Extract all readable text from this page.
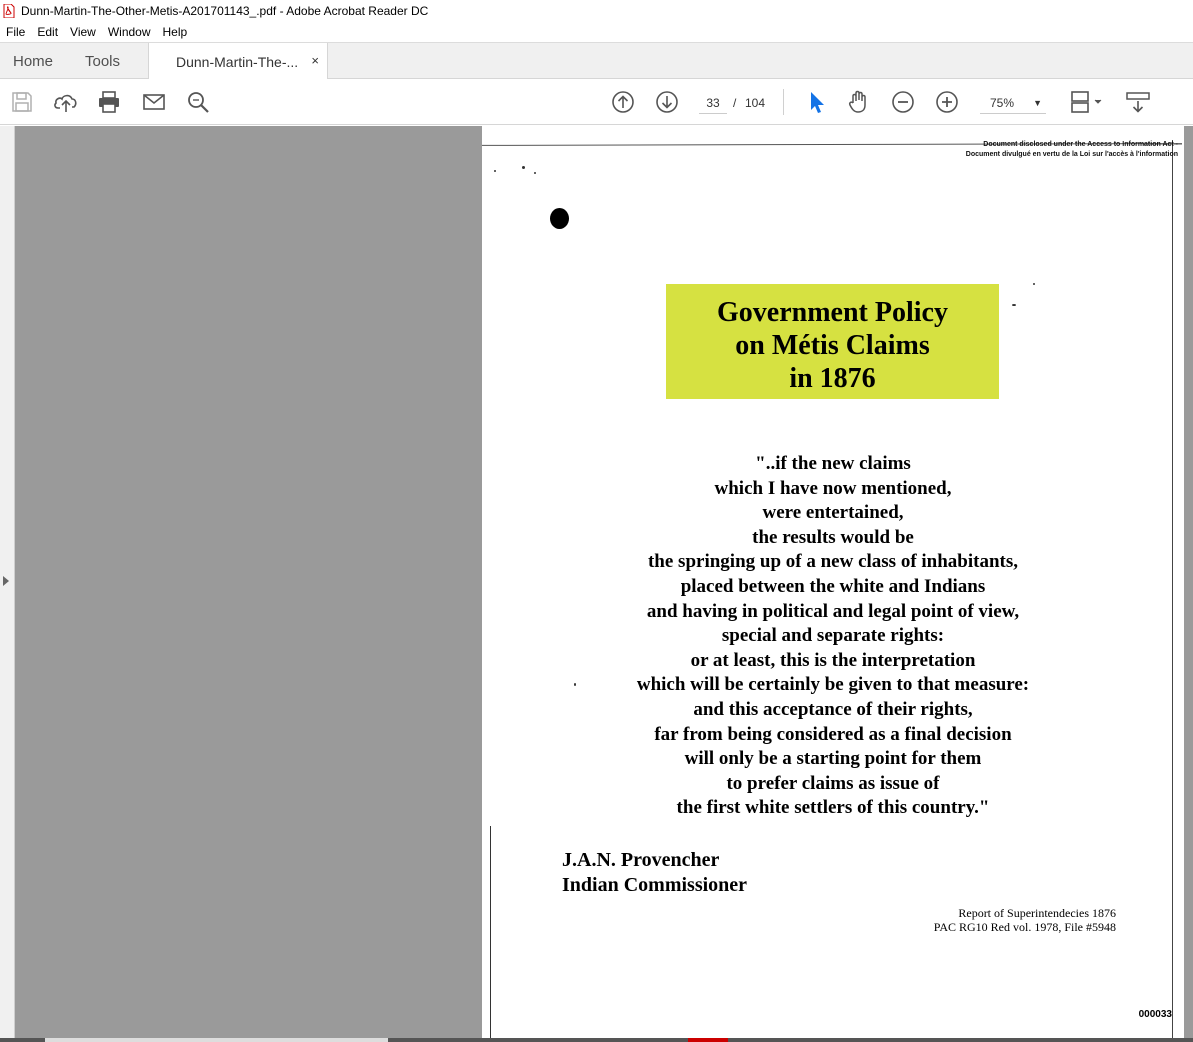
Dunn-Martin-The-Other-Metis-A201701143_.pdf - Adobe Acrobat Reader DC
File	Edit	View	Window	Help
Home Tools	Dunn-Martin-The-... ×
33	/ 104	75% ▼
Document disclosed under the Access to Information Act -
Document divulgué en vertu de la Loi sur l'accès à l'information
Government Policy
on Métis Claims
in 1876
"..if the new claims
which I have now mentioned,
were entertained,
the results would be
the springing up of a new class of inhabitants,
placed between the white and Indians
and having in political and legal point of view,
special and separate rights:
or at least, this is the interpretation
which will be certainly be given to that measure:
and this acceptance of their rights,
far from being considered as a final decision
will only be a starting point for them
to prefer claims as issue of
the first white settlers of this country."
J.A.N. Provencher
Indian Commissioner
Report of Superintendecies 1876
PAC RG10 Red vol. 1978, File #5948
000033
